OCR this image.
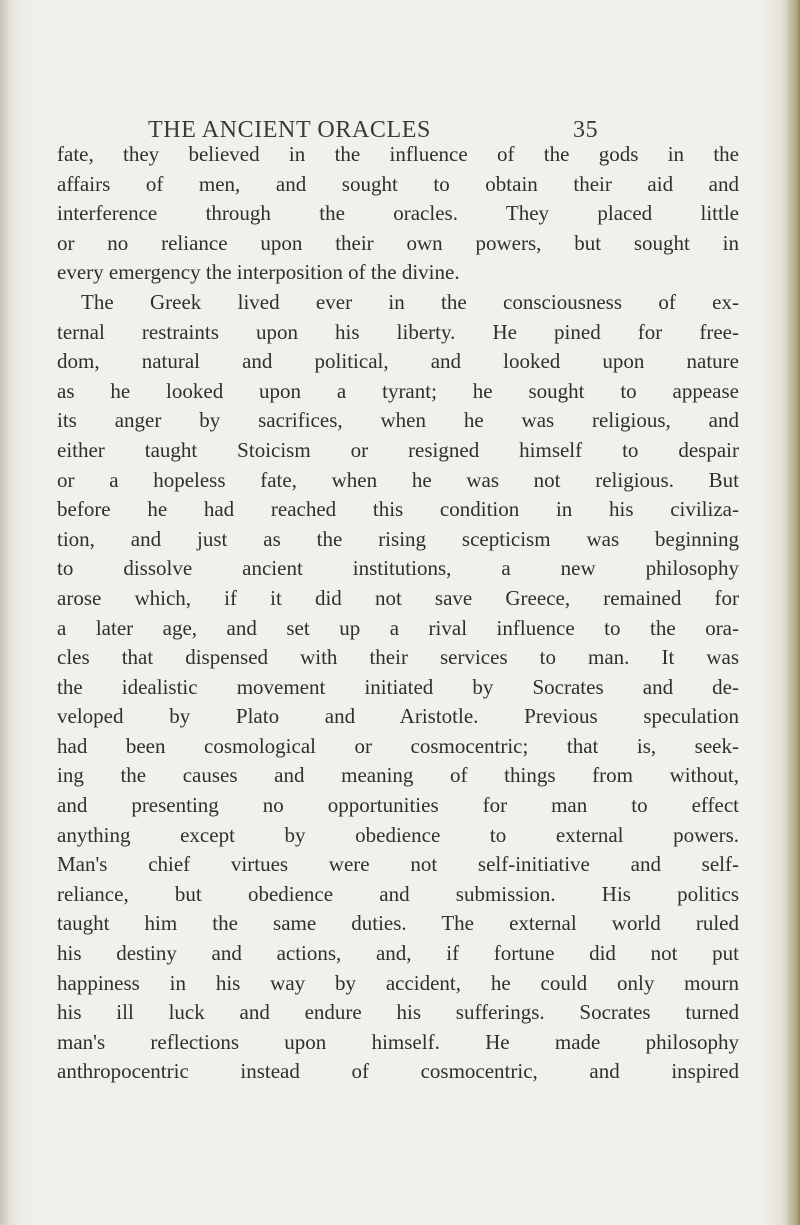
THE ANCIENT ORACLES	35
fate, they believed in the influence of the gods in the
affairs of men, and sought to obtain their aid and
interference through the oracles. They placed little
or no reliance upon their own powers, but sought in
every emergency the interposition of the divine.
The Greek lived ever in the consciousness of ex-
ternal restraints upon his liberty. He pined for free-
dom, natural and political, and looked upon nature
as he looked upon a tyrant; he sought to appease
its anger by sacrifices, when he was religious, and
either taught Stoicism or resigned himself to despair
or a hopeless fate, when he was not religious. But
before he had reached this condition in his civiliza-
tion, and just as the rising scepticism was beginning
to dissolve ancient institutions, a new philosophy
arose which, if it did not save Greece, remained for
a later age, and set up a rival influence to the ora-
cles that dispensed with their services to man. It was
the idealistic movement initiated by Socrates and de-
veloped by Plato and Aristotle. Previous speculation
had been cosmological or cosmocentric; that is, seek-
ing the causes and meaning of things from without,
and presenting no opportunities for man to effect
anything except by obedience to external powers.
Man's chief virtues were not self-initiative and self-
reliance, but obedience and submission. His politics
taught him the same duties. The external world ruled
his destiny and actions, and, if fortune did not put
happiness in his way by accident, he could only mourn
his ill luck and endure his sufferings. Socrates turned
man's reflections upon himself. He made philosophy
anthropocentric instead of cosmocentric, and inspired
